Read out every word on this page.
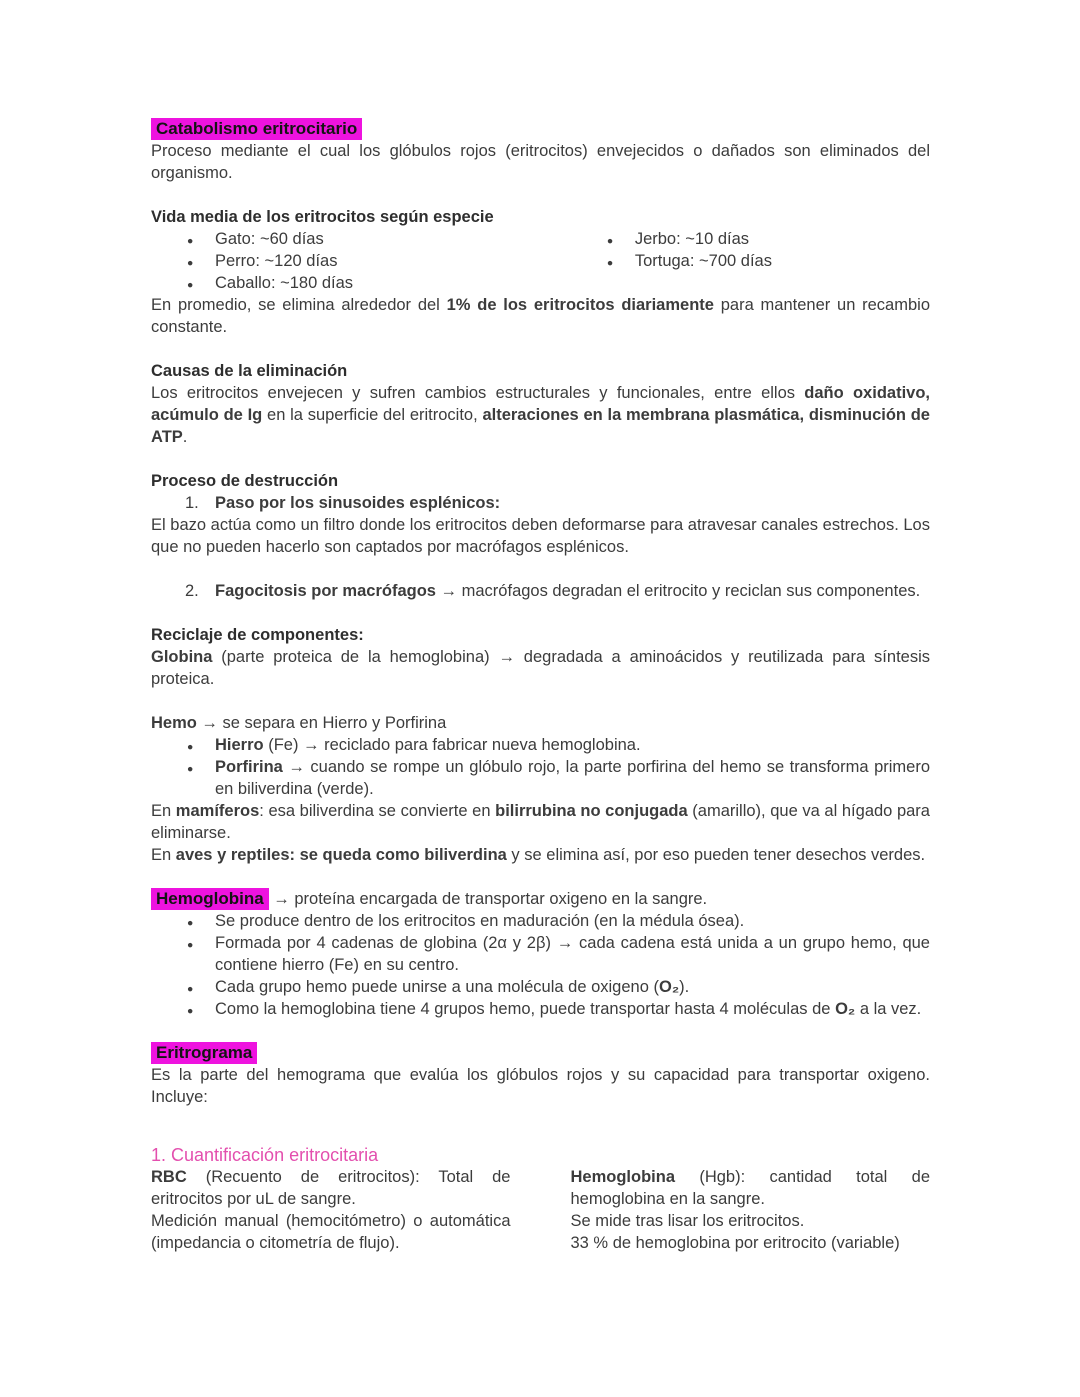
Catabolismo eritrocitario

Proceso mediante el cual los glóbulos rojos (eritrocitos) envejecidos o dañados son eliminados del organismo.

Vida media de los eritrocitos según especie

● Gato: ~60 días
● Perro: ~120 días
● Caballo: ~180 días
● Jerbo: ~10 días
● Tortuga: ~700 días

En promedio, se elimina alrededor del 1% de los eritrocitos diariamente para mantener un recambio constante.

Causas de la eliminación

Los eritrocitos envejecen y sufren cambios estructurales y funcionales, entre ellos daño oxidativo, acúmulo de Ig en la superficie del eritrocito, alteraciones en la membrana plasmática, disminución de ATP.

Proceso de destrucción

1. Paso por los sinusoides esplénicos:

El bazo actúa como un filtro donde los eritrocitos deben deformarse para atravesar canales estrechos. Los que no pueden hacerlo son captados por macrófagos esplénicos.

2. Fagocitosis por macrófagos → macrófagos degradan el eritrocito y reciclan sus componentes.

Reciclaje de componentes:

Globina (parte proteica de la hemoglobina) → degradada a aminoácidos y reutilizada para síntesis proteica.

Hemo → se separa en Hierro y Porfirina

● Hierro (Fe) → reciclado para fabricar nueva hemoglobina.
● Porfirina → cuando se rompe un glóbulo rojo, la parte porfirina del hemo se transforma primero en biliverdina (verde).

En mamíferos: esa biliverdina se convierte en bilirrubina no conjugada (amarillo), que va al hígado para eliminarse.

En aves y reptiles: se queda como biliverdina y se elimina así, por eso pueden tener desechos verdes.

Hemoglobina → proteína encargada de transportar oxigeno en la sangre.

● Se produce dentro de los eritrocitos en maduración (en la médula ósea).
● Formada por 4 cadenas de globina (2α y 2β) → cada cadena está unida a un grupo hemo, que contiene hierro (Fe) en su centro.
● Cada grupo hemo puede unirse a una molécula de oxigeno (O₂).
● Como la hemoglobina tiene 4 grupos hemo, puede transportar hasta 4 moléculas de O₂ a la vez.

Eritrograma

Es la parte del hemograma que evalúa los glóbulos rojos y su capacidad para transportar oxigeno. Incluye:

1. Cuantificación eritrocitaria

RBC (Recuento de eritrocitos): Total de eritrocitos por uL de sangre.

Medición manual (hemocitómetro) o automática (impedancia o citometría de flujo).

Hemoglobina (Hgb): cantidad total de hemoglobina en la sangre.

Se mide tras lisar los eritrocitos.

33 % de hemoglobina por eritrocito (variable)
